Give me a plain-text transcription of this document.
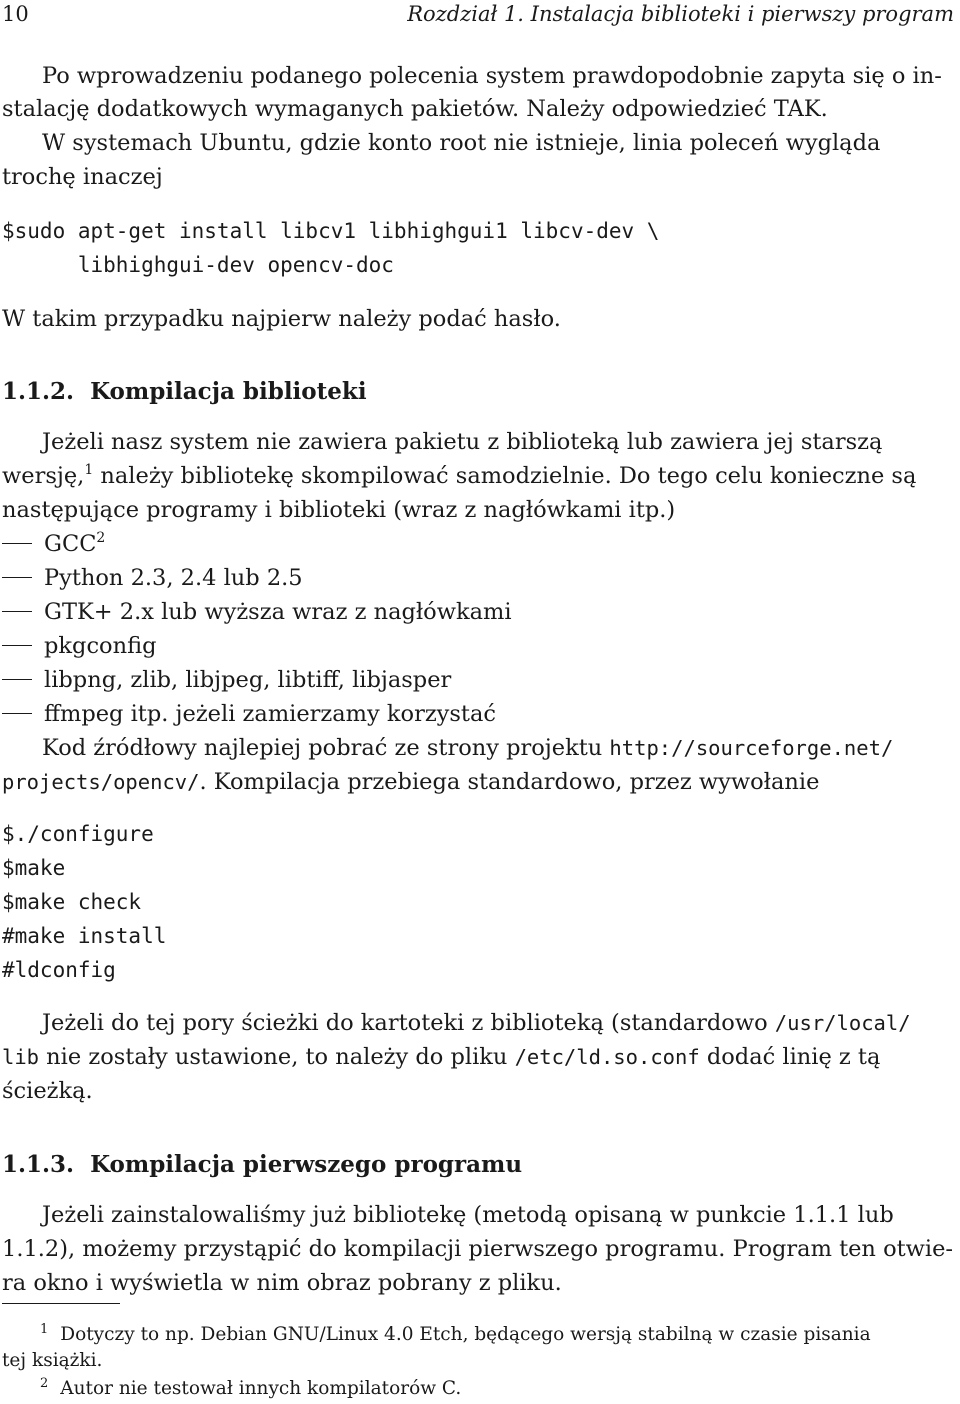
10	Rozdział 1. Instalacja biblioteki i pierwszy program
Po wprowadzeniu podanego polecenia system prawdopodobnie zapyta się o in-
stalację dodatkowych wymaganych pakietów. Należy odpowiedzieć TAK.
W systemach Ubuntu, gdzie konto root nie istnieje, linia poleceń wygląda
trochę inaczej
$sudo apt-get install libcv1 libhighgui1 libcv-dev \
libhighgui-dev opencv-doc
W takim przypadku najpierw należy podać hasło.
1.1.2. Kompilacja biblioteki
Jeżeli nasz system nie zawiera pakietu z biblioteką lub zawiera jej starszą
wersję,$^1$ należy bibliotekę skompilować samodzielnie. Do tego celu konieczne są
następujące programy i biblioteki (wraz z nagłówkami itp.)
GCC$^2$
Python 2.3, 2.4 lub 2.5
GTK+ 2.x lub wyższa wraz z nagłówkami
pkgconfig
libpng, zlib, libjpeg, libtiff, libjasper
ffmpeg itp. jeżeli zamierzamy korzystać
Kod źródłowy najlepiej pobrać ze strony projektu http://sourceforge.net/
projects/opencv/. Kompilacja przebiega standardowo, przez wywołanie
$./configure
$make
$make check
#make install
#ldconfig
Jeżeli do tej pory ścieżki do kartoteki z biblioteką (standardowo /usr/local/
lib nie zostały ustawione, to należy do pliku /etc/ld.so.conf dodać linię z tą
ścieżką.
1.1.3. Kompilacja pierwszego programu
Jeżeli zainstalowaliśmy już bibliotekę (metodą opisaną w punkcie 1.1.1 lub
1.1.2), możemy przystąpić do kompilacji pierwszego programu. Program ten otwie-
ra okno i wyświetla w nim obraz pobrany z pliku.
$^1$ Dotyczy to np. Debian GNU/Linux 4.0 Etch, będącego wersją stabilną w czasie pisania
tej książki.
$^2$ Autor nie testował innych kompilatorów C.
